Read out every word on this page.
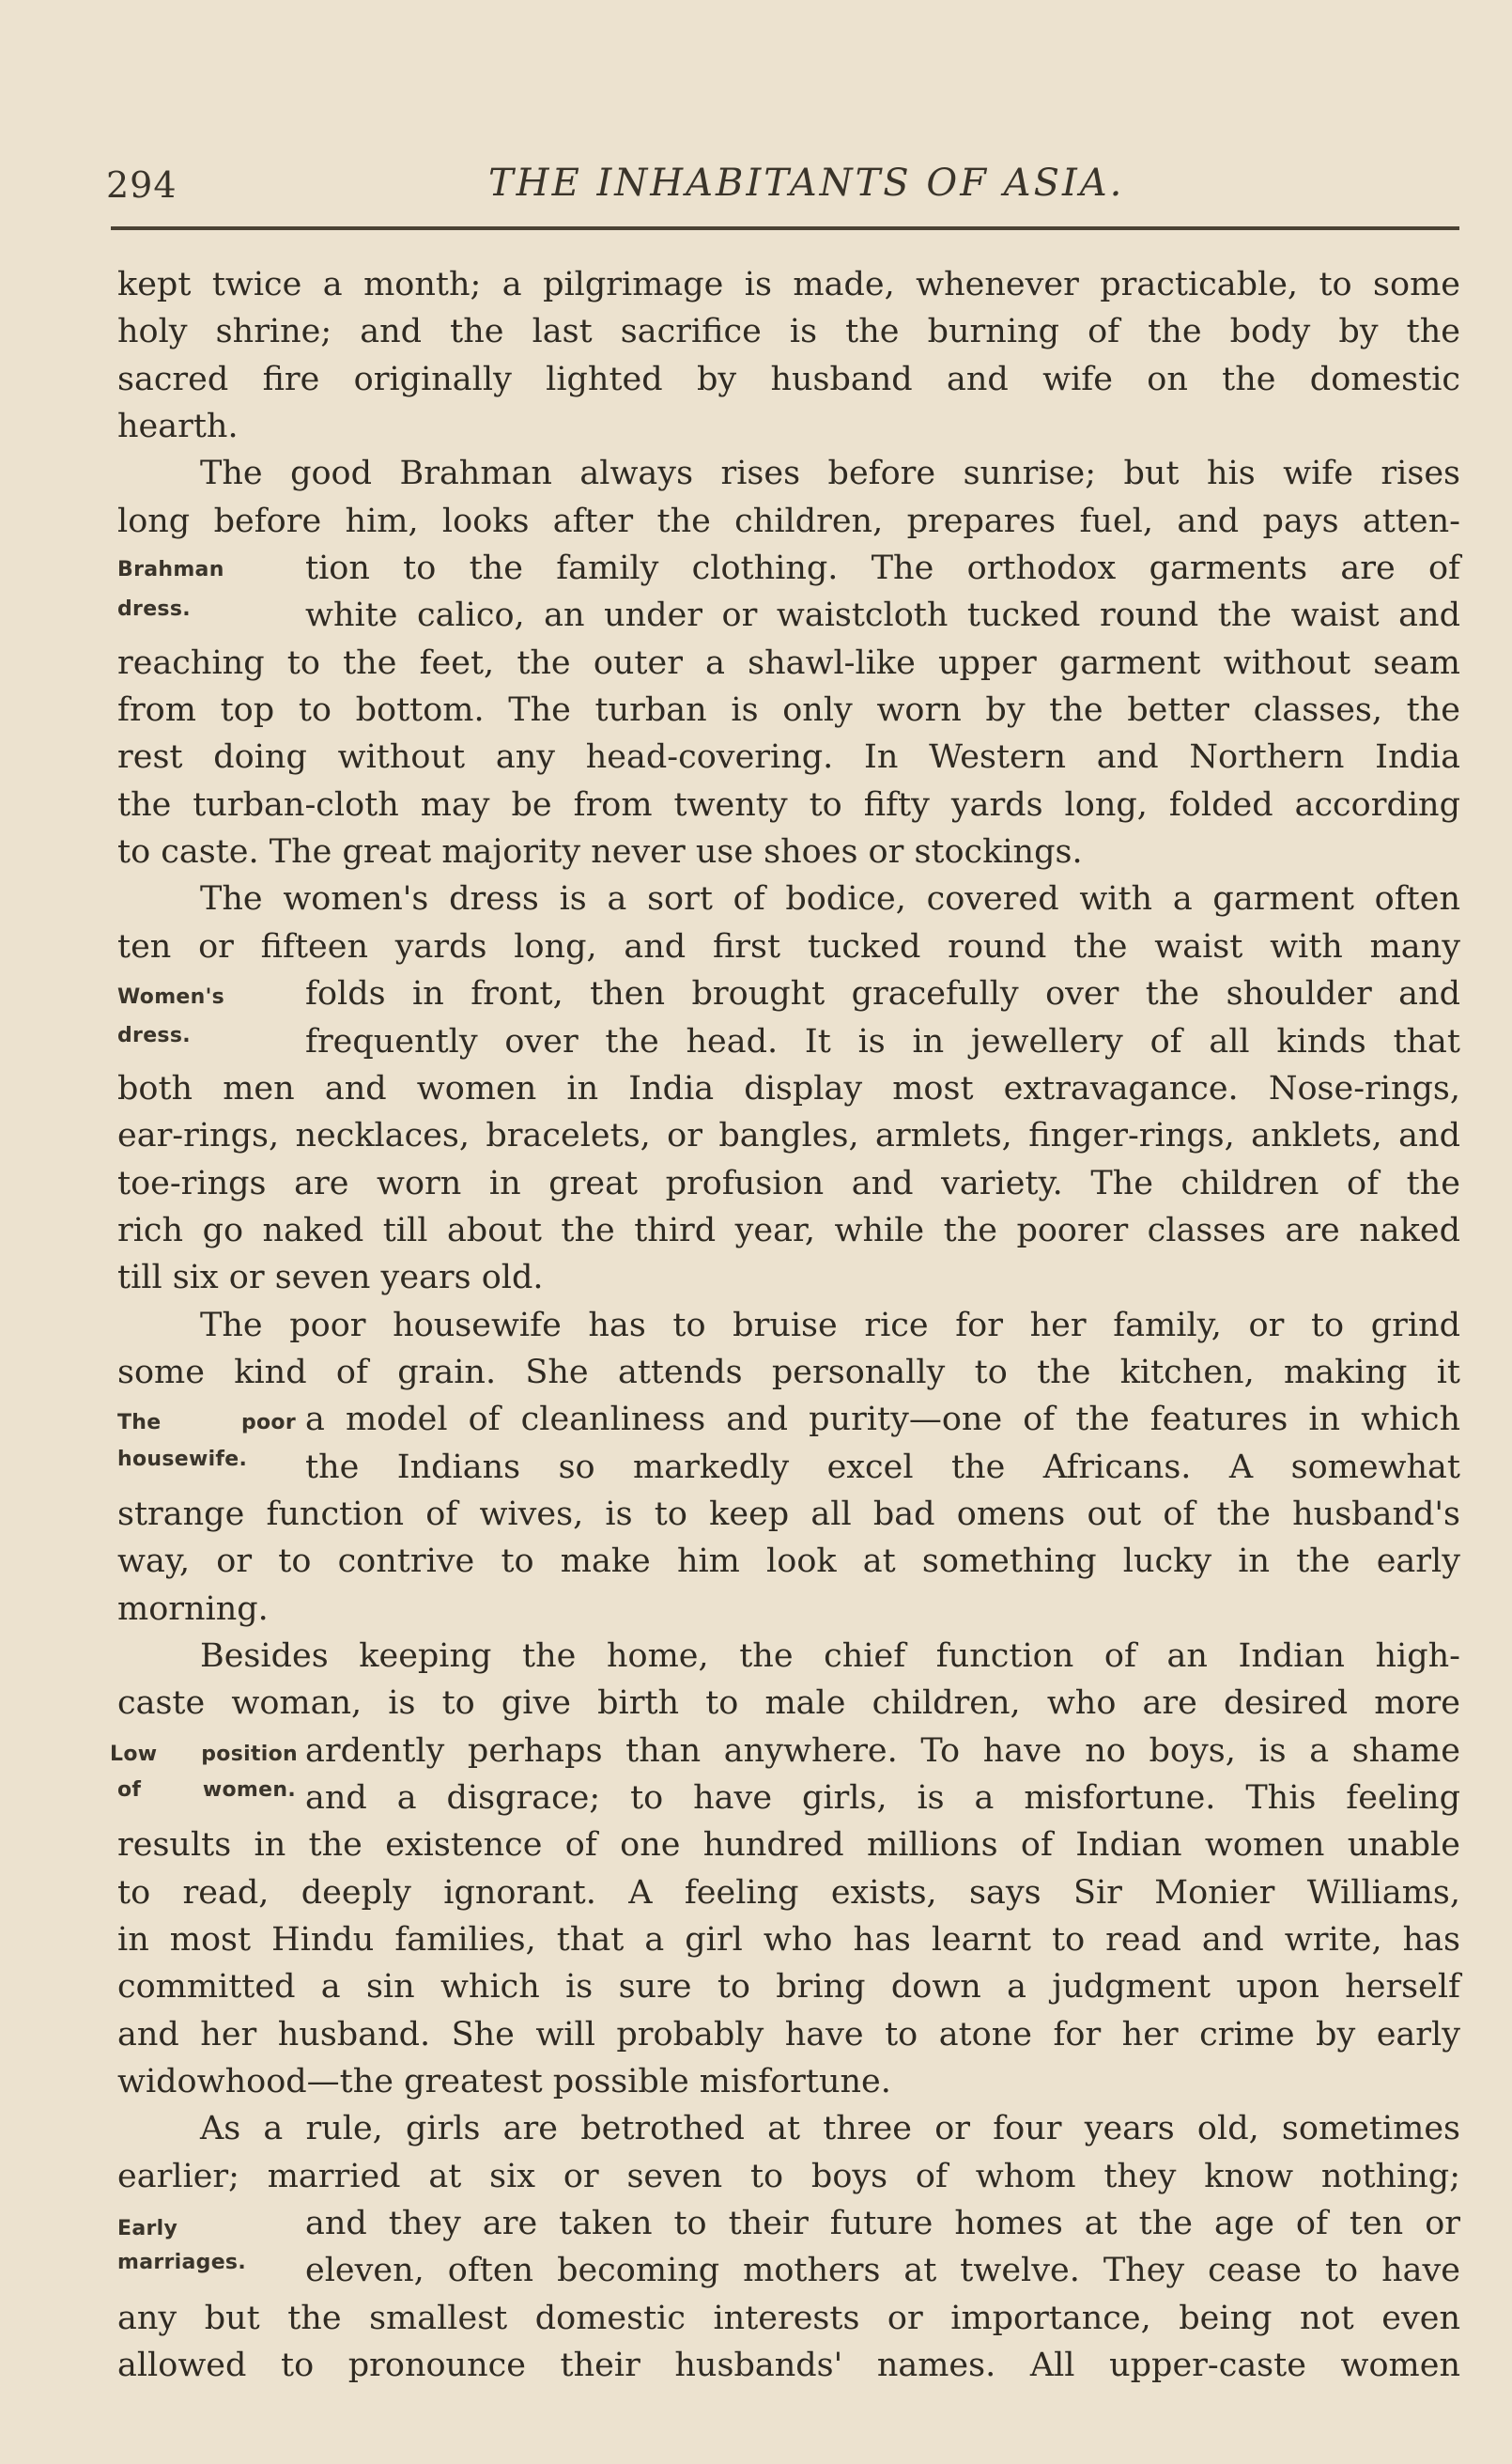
294	THE INHABITANTS OF ASIA.
kept twice a month; a pilgrimage is made, whenever practicable, to some
holy shrine; and the last sacrifice is the burning of the body by the
sacred fire originally lighted by husband and wife on the domestic
hearth.
The good Brahman always rises before sunrise; but his wife rises
long before him, looks after the children, prepares fuel, and pays atten-
Brahman	tion to the family clothing. The orthodox garments are of
dress.	white calico, an under or waistcloth tucked round the waist and
reaching to the feet, the outer a shawl-like upper garment without seam
from top to bottom. The turban is only worn by the better classes, the
rest doing without any head-covering. In Western and Northern India
the turban-cloth may be from twenty to fifty yards long, folded according
to caste. The great majority never use shoes or stockings.
The women's dress is a sort of bodice, covered with a garment often
ten or fifteen yards long, and first tucked round the waist with many
Women's	folds in front, then brought gracefully over the shoulder and
dress.	frequently over the head. It is in jewellery of all kinds that
both men and women in India display most extravagance. Nose-rings,
ear-rings, necklaces, bracelets, or bangles, armlets, finger-rings, anklets, and
toe-rings are worn in great profusion and variety. The children of the
rich go naked till about the third year, while the poorer classes are naked
till six or seven years old.
The poor housewife has to bruise rice for her family, or to grind
some kind of grain. She attends personally to the kitchen, making it
The poor a model of cleanliness and purity—one of the features in which
housewife.	the Indians so markedly excel the Africans. A somewhat
strange function of wives, is to keep all bad omens out of the husband's
way, or to contrive to make him look at something lucky in the early
morning.
Besides keeping the home, the chief function of an Indian high-
caste woman, is to give birth to male children, who are desired more
Low position ardently perhaps than anywhere. To have no boys, is a shame
of women. and a disgrace; to have girls, is a misfortune. This feeling
results in the existence of one hundred millions of Indian women unable
to read, deeply ignorant. A feeling exists, says Sir Monier Williams,
in most Hindu families, that a girl who has learnt to read and write, has
committed a sin which is sure to bring down a judgment upon herself
and her husband. She will probably have to atone for her crime by early
widowhood—the greatest possible misfortune.
As a rule, girls are betrothed at three or four years old, sometimes
earlier; married at six or seven to boys of whom they know nothing;
Early	and they are taken to their future homes at the age of ten or
marriages.	eleven, often becoming mothers at twelve. They cease to have
any but the smallest domestic interests or importance, being not even
allowed to pronounce their husbands' names. All upper-caste women
